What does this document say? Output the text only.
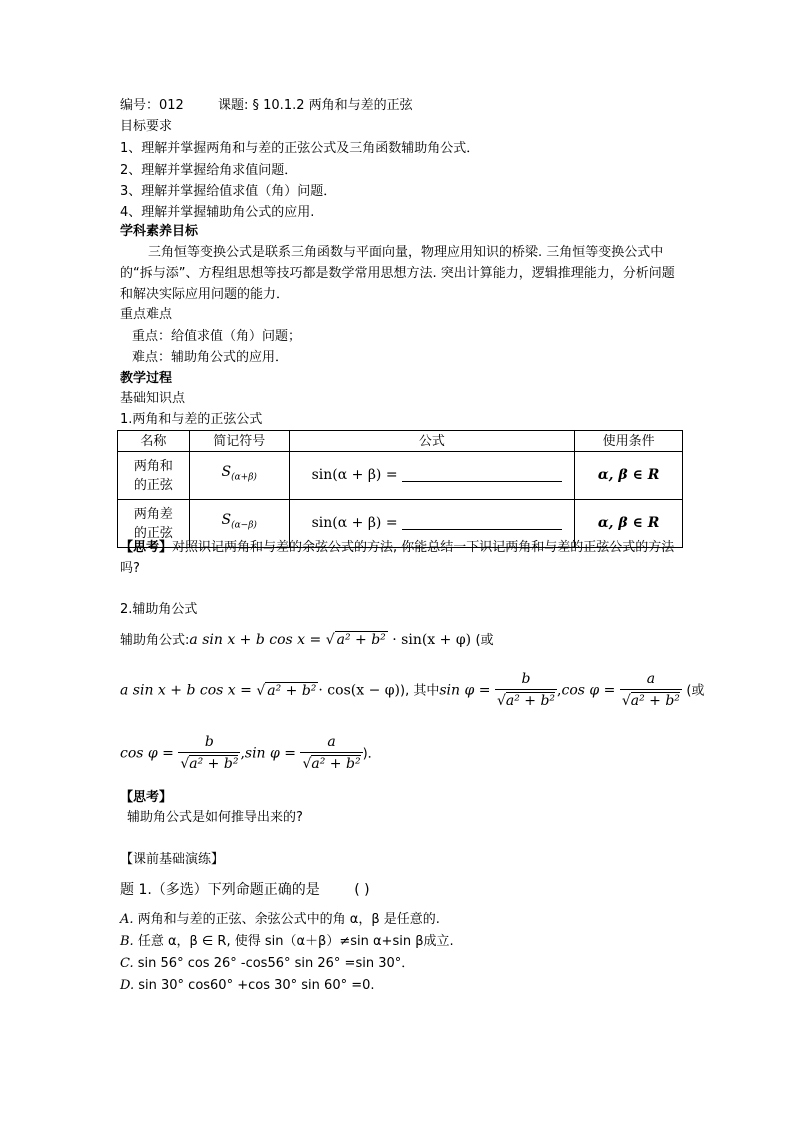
编号：012	课题: § 10.1.2 两角和与差的正弦
目标要求
1、理解并掌握两角和与差的正弦公式及三角函数辅助角公式．
2、理解并掌握给角求值问题．
3、理解并掌握给值求值（角）问题．
4、理解并掌握辅助角公式的应用.
学科素养目标
三角恒等变换公式是联系三角函数与平面向量，物理应用知识的桥梁. 三角恒等变换公式中的“拆与添”、方程组思想等技巧都是数学常用思想方法. 突出计算能力，逻辑推理能力，分析问题和解决实际应用问题的能力．
重点难点
重点：给值求值（角）问题；
难点：辅助角公式的应用．
教学过程
基础知识点
1.两角和与差的正弦公式
名称	简记符号	公式	使用条件

两角和
的正弦	$S_{(\alpha+\beta)}$	sin(α + β) =	α, β ∈ R

两角差
的正弦	$S_{(\alpha-\beta)}$	sin(α + β) =	α, β ∈ R
【思考】对照识记两角和与差的余弦公式的方法, 你能总结一下识记两角和与差的正弦公式的方法吗?
2.辅助角公式
辅助角公式:a sin x + b cos x = √ a² + b² · sin(x + φ) (或
a sin x + b cos x = √ a² + b² · cos(x − φ)), 其中$\sin \varphi = \frac{b}{\text{√a² + b²}} ,\cos$ $\varphi = \frac{a}{\text{√a² + b²}}$ (或
$\cos \varphi = \frac{b}{\text{√a² + b²}} ,\sin$ $\varphi = \frac{a}{\text{√a² + b²}}$ )．
【思考】
辅助角公式是如何推导出来的?
【课前基础演练】
题 1.（多选）下列命题正确的是 ( )
A. 两角和与差的正弦、余弦公式中的角 α，β 是任意的.
B. 任意 α，β ∈ R, 使得 sin（α＋β）≠sin α+sin β成立.
C. sin 56° cos 26° -cos56° sin 26° =sin 30°．
D. sin 30° cos60° +cos 30° sin 60° =0.
